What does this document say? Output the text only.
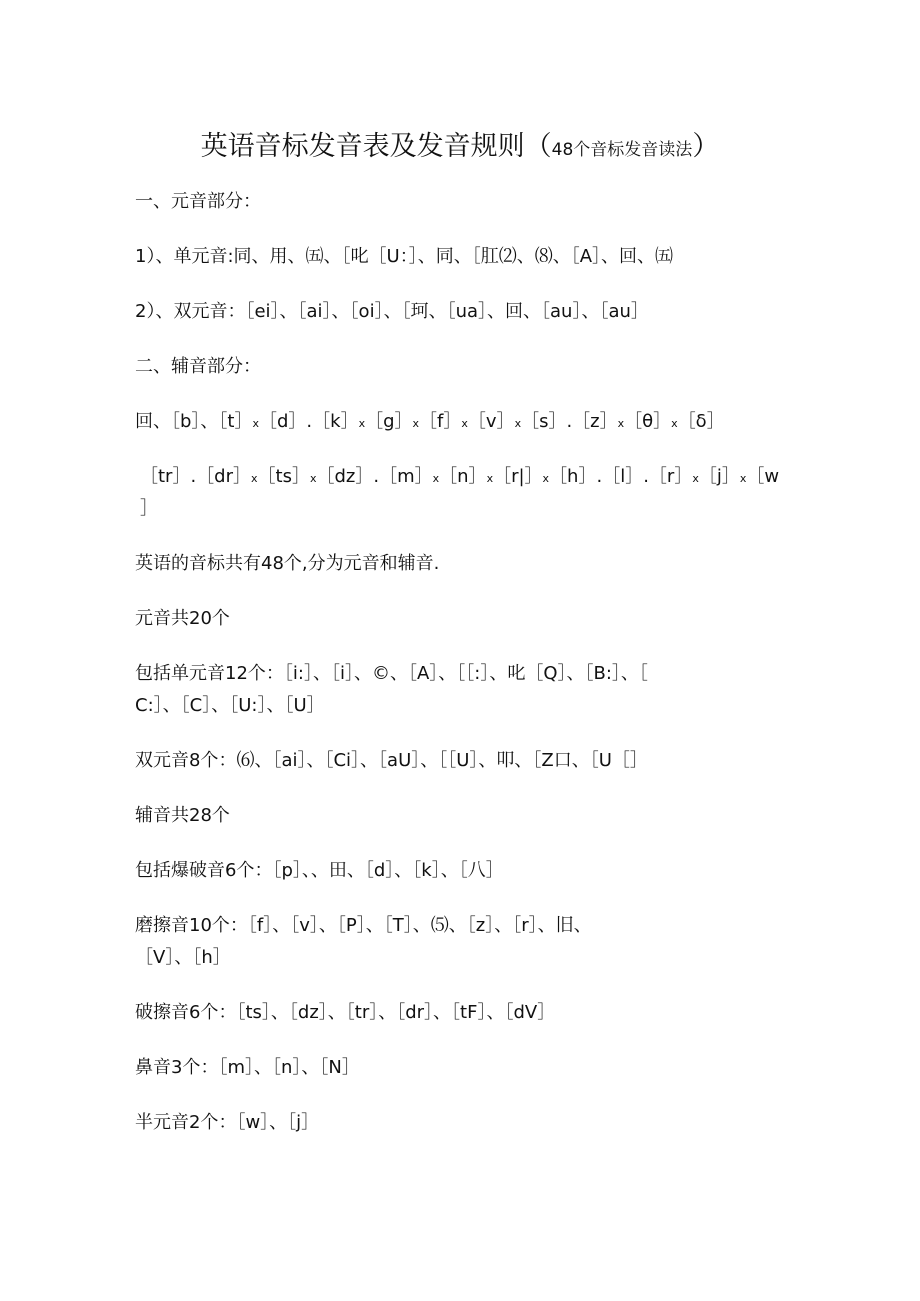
英语音标发音表及发音规则（48个音标发音读法）
一、元音部分：
1）、单元音:同、用、㈤、［叱［U：］、同、［肛⑵、⑻、［A］、回、㈤
2）、双元音：［ei］、［ai］、［oi］、［珂、［ua］、回、［au］、［au］
二、辅音部分：
回、［b］、［t］x［d］.［k］x［g］x［f］x［v］x［s］.［z］x［θ］x［δ］
［tr］.［dr］x［ts］x［dz］.［m］x［n］x［r|］x［h］.［l］.［r］x［j］x［w
］
英语的音标共有48个,分为元音和辅音.
元音共20个
包括单元音12个：［i:］、［i］、©、［A］、［［:］、叱［Q］、［B:］、［
C:］、［C］、［U:］、［U］
双元音8个：⑹、［ai］、［Ci］、［aU］、［［U］、叩、［Z口、［U［］
辅音共28个
包括爆破音6个：［p］、、田、［d］、［k］、［八］
磨擦音10个：［f］、［v］、［P］、［T］、⑸、［z］、［r］、旧、
［V］、［h］
破擦音6个：［ts］、［dz］、［tr］、［dr］、［tF］、［dV］
鼻音3个：［m］、［n］、［N］
半元音2个：［w］、［j］
